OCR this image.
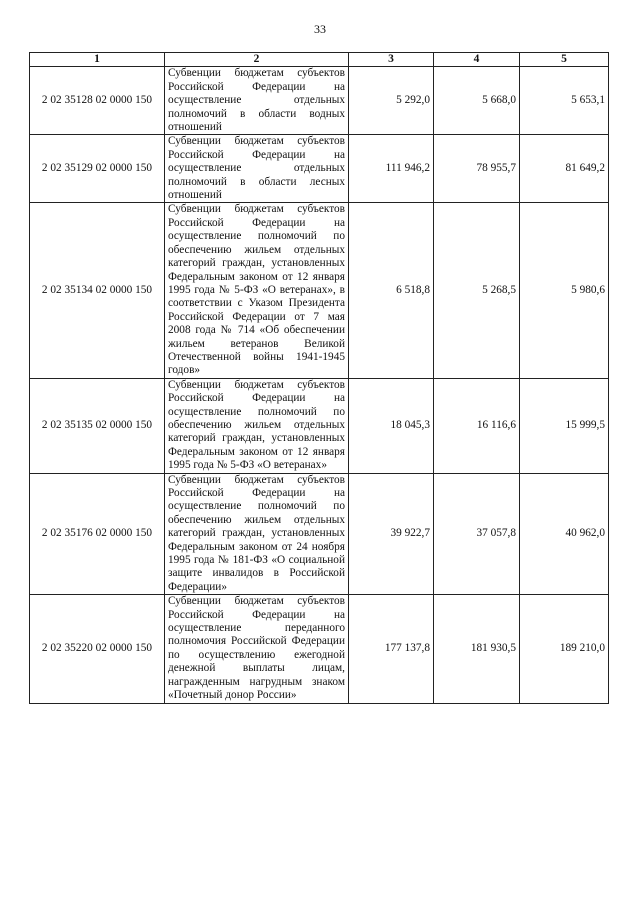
33
1	2	3	4	5
2 02 35128 02 0000 150	Субвенции бюджетам субъектов Российской Федерации на осуществление отдельных полномочий в области водных отношений	5 292,0	5 668,0	5 653,1
2 02 35129 02 0000 150	Субвенции бюджетам субъектов Российской Федерации на осуществление отдельных полномочий в области лесных отношений	111 946,2	78 955,7	81 649,2
2 02 35134 02 0000 150	Субвенции бюджетам субъектов Российской Федерации на осуществление полномочий по обеспечению жильем отдельных категорий граждан, установленных Федеральным законом от 12 января 1995 года № 5-ФЗ «О ветеранах», в соответствии с Указом Президента Российской Федерации от 7 мая 2008 года № 714 «Об обеспечении жильем ветеранов Великой Отечественной войны 1941-1945 годов»	6 518,8	5 268,5	5 980,6
2 02 35135 02 0000 150	Субвенции бюджетам субъектов Российской Федерации на осуществление полномочий по обеспечению жильем отдельных категорий граждан, установленных Федеральным законом от 12 января 1995 года № 5-ФЗ «О ветеранах»	18 045,3	16 116,6	15 999,5
2 02 35176 02 0000 150	Субвенции бюджетам субъектов Российской Федерации на осуществление полномочий по обеспечению жильем отдельных категорий граждан, установленных Федеральным законом от 24 ноября 1995 года № 181-ФЗ «О социальной защите инвалидов в Российской Федерации»	39 922,7	37 057,8	40 962,0
2 02 35220 02 0000 150	Субвенции бюджетам субъектов Российской Федерации на осуществление переданного полномочия Российской Федерации по осуществлению ежегодной денежной выплаты лицам, награжденным нагрудным знаком «Почетный донор России»	177 137,8	181 930,5	189 210,0
